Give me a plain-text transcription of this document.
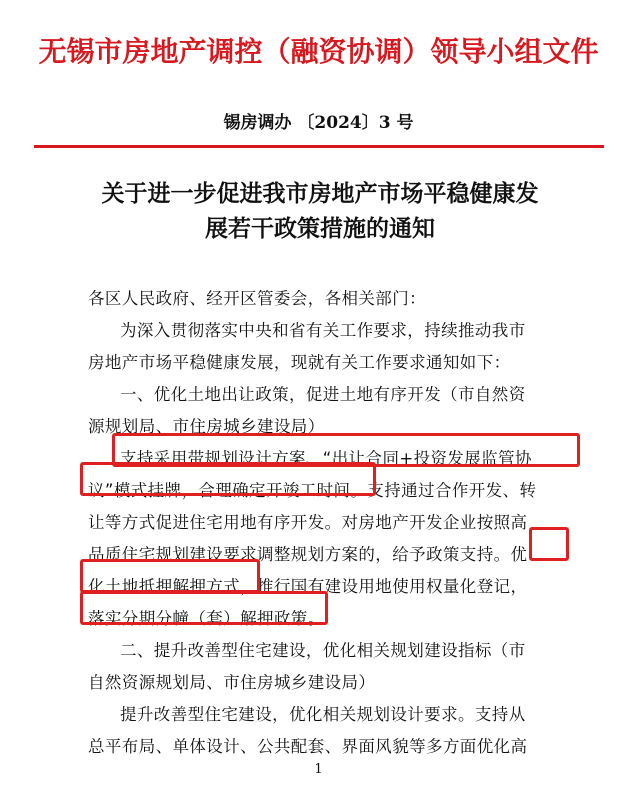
无锡市房地产调控（融资协调）领导小组文件
锡房调办 〔2024〕3 号
关于进一步促进我市房地产市场平稳健康发
展若干政策措施的通知
各区人民政府、经开区管委会，各相关部门：
为深入贯彻落实中央和省有关工作要求，持续推动我市
房地产市场平稳健康发展，现就有关工作要求通知如下：
一、优化土地出让政策，促进土地有序开发（市自然资
源规划局、市住房城乡建设局）
支持采用带规划设计方案、“出让合同+投资发展监管协
议”模式挂牌，合理确定开竣工时间。支持通过合作开发、转
让等方式促进住宅用地有序开发。对房地产开发企业按照高
品质住宅规划建设要求调整规划方案的，给予政策支持。优
化土地抵押解押方式，推行国有建设用地使用权量化登记，
落实分期分幢（套）解押政策。
二、提升改善型住宅建设，优化相关规划建设指标（市
自然资源规划局、市住房城乡建设局）
提升改善型住宅建设，优化相关规划设计要求。支持从
总平布局、单体设计、公共配套、界面风貌等多方面优化高
1
